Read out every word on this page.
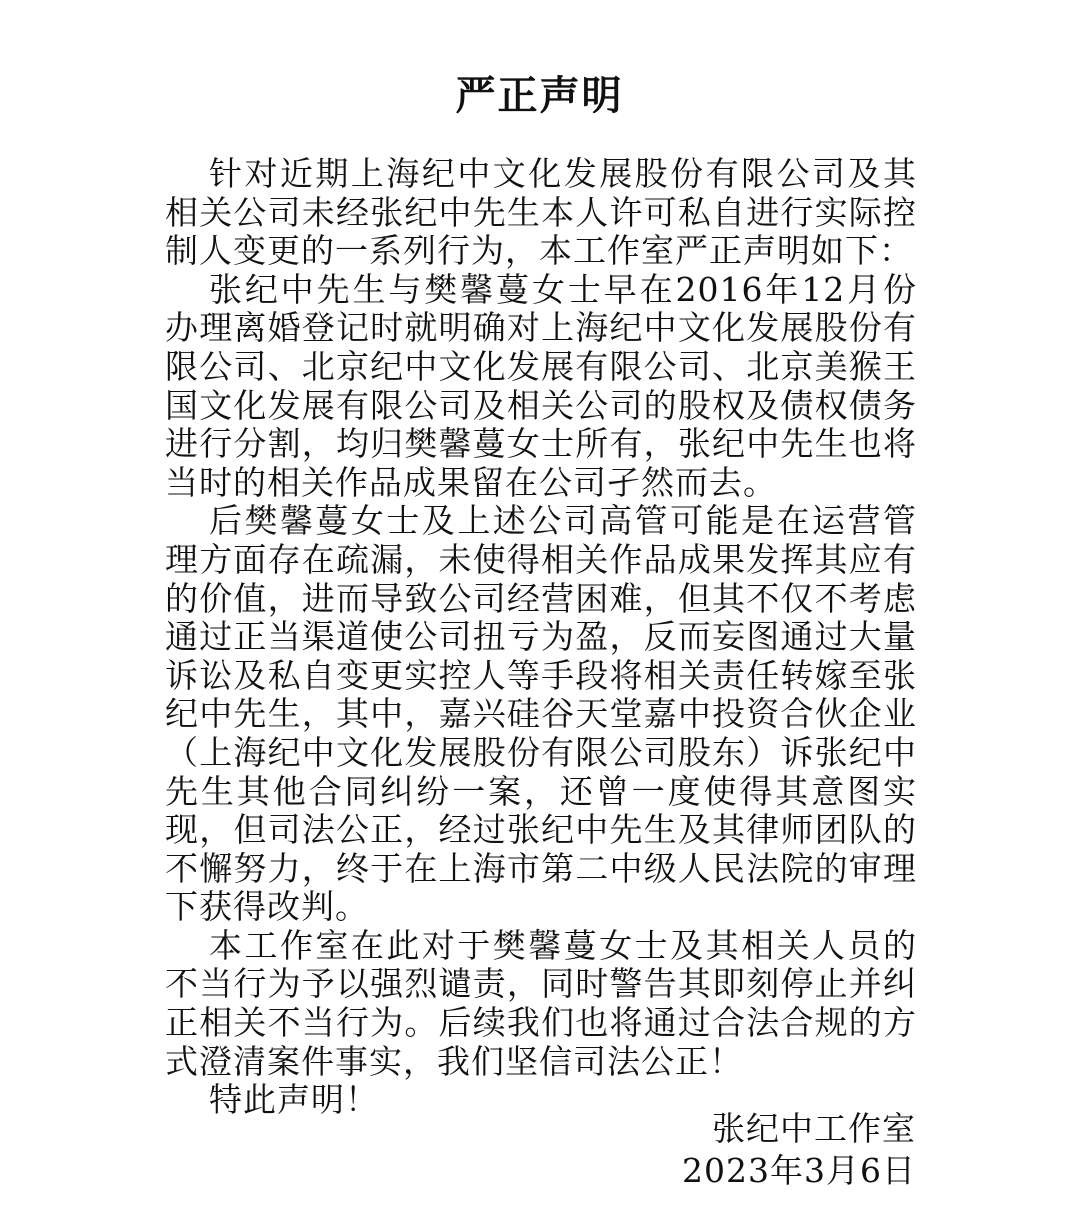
严正声明

针对近期上海纪中文化发展股份有限公司及其相关公司未经张纪中先生本人许可私自进行实际控制人变更的一系列行为，本工作室严正声明如下：

张纪中先生与樊馨蔓女士早在2016年12月份办理离婚登记时就明确对上海纪中文化发展股份有限公司、北京纪中文化发展有限公司、北京美猴王国文化发展有限公司及相关公司的股权及债权债务进行分割，均归樊馨蔓女士所有，张纪中先生也将当时的相关作品成果留在公司孑然而去。

后樊馨蔓女士及上述公司高管可能是在运营管理方面存在疏漏，未使得相关作品成果发挥其应有的价值，进而导致公司经营困难，但其不仅不考虑通过正当渠道使公司扭亏为盈，反而妄图通过大量诉讼及私自变更实控人等手段将相关责任转嫁至张纪中先生，其中，嘉兴硅谷天堂嘉中投资合伙企业（上海纪中文化发展股份有限公司股东）诉张纪中先生其他合同纠纷一案，还曾一度使得其意图实现，但司法公正，经过张纪中先生及其律师团队的不懈努力，终于在上海市第二中级人民法院的审理下获得改判。

本工作室在此对于樊馨蔓女士及其相关人员的不当行为予以强烈谴责，同时警告其即刻停止并纠正相关不当行为。后续我们也将通过合法合规的方式澄清案件事实，我们坚信司法公正！

特此声明！

张纪中工作室
2023年3月6日
